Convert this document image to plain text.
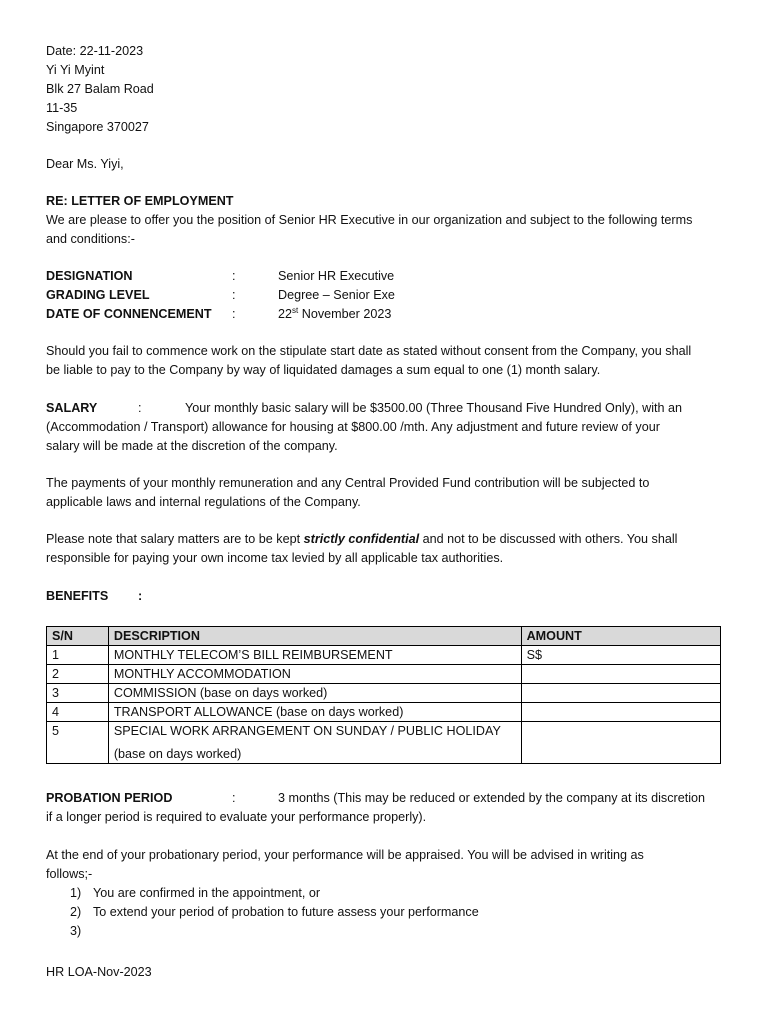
Date: 22-11-2023
Yi Yi Myint
Blk 27 Balam Road
11-35
Singapore 370027
Dear Ms. Yiyi,
RE: LETTER OF EMPLOYMENT
We are please to offer you the position of Senior HR Executive in our organization and subject to the following terms
and conditions:-
DESIGNATION	:	Senior HR Executive
GRADING LEVEL	:	Degree – Senior Exe
DATE OF CONNENCEMENT :	22st November 2023
Should you fail to commence work on the stipulate start date as stated without consent from the Company, you shall
be liable to pay to the Company by way of liquidated damages a sum equal to one (1) month salary.
SALARY	:	Your monthly basic salary will be $3500.00 (Three Thousand Five Hundred Only), with an
(Accommodation / Transport) allowance for housing at $800.00 /mth. Any adjustment and future review of your
salary will be made at the discretion of the company.
The payments of your monthly remuneration and any Central Provided Fund contribution will be subjected to
applicable laws and internal regulations of the Company.
Please note that salary matters are to be kept strictly confidential and not to be discussed with others. You shall
responsible for paying your own income tax levied by all applicable tax authorities.
BENEFITS :
S/N	DESCRIPTION	AMOUNT
1	MONTHLY TELECOM’S BILL REIMBURSEMENT	S$
2	MONTHLY ACCOMMODATION	
3	COMMISSION (base on days worked)	
4	TRANSPORT ALLOWANCE (base on days worked)	
5	SPECIAL WORK ARRANGEMENT ON SUNDAY / PUBLIC HOLIDAY
(base on days worked)	

PROBATION PERIOD	:	3 months (This may be reduced or extended by the company at its discretion
if a longer period is required to evaluate your performance properly).
At the end of your probationary period, your performance will be appraised. You will be advised in writing as
follows;-
1) You are confirmed in the appointment, or
2) To extend your period of probation to future assess your performance
3)
HR LOA-Nov-2023
